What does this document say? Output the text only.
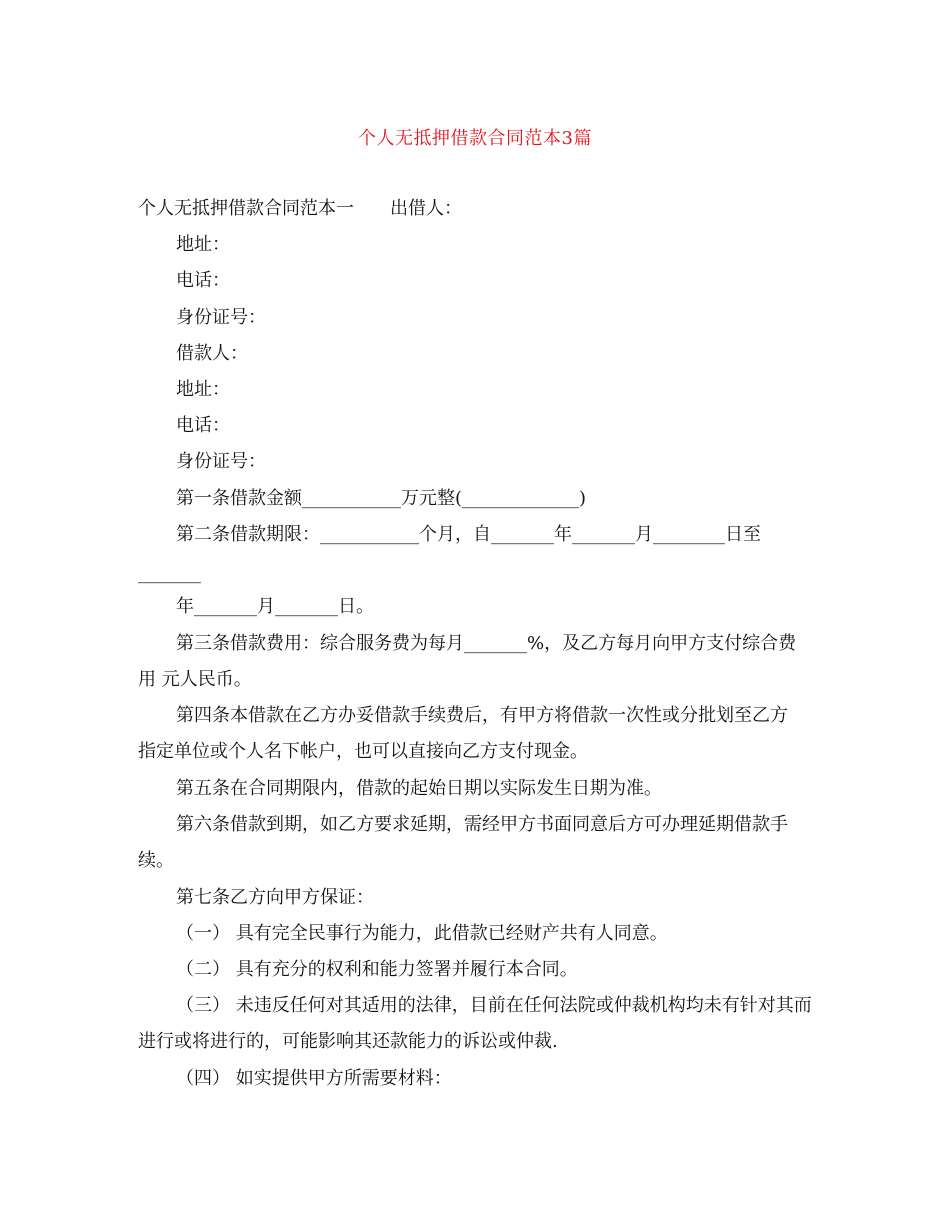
个人无抵押借款合同范本3篇
个人无抵押借款合同范本一 出借人：
地址：
电话：
身份证号：
借款人：
地址：
电话：
身份证号：
第一条借款金额___________万元整(_____________)
第二条借款期限：___________个月，自_______年_______月________日至
_______
年_______月_______日。
第三条借款费用：综合服务费为每月_______%，及乙方每月向甲方支付综合费
用 元人民币。
第四条本借款在乙方办妥借款手续费后，有甲方将借款一次性或分批划至乙方
指定单位或个人名下帐户，也可以直接向乙方支付现金。
第五条在合同期限内，借款的起始日期以实际发生日期为准。
第六条借款到期，如乙方要求延期，需经甲方书面同意后方可办理延期借款手
续。
第七条乙方向甲方保证：
（一） 具有完全民事行为能力，此借款已经财产共有人同意。
（二） 具有充分的权利和能力签署并履行本合同。
（三） 未违反任何对其适用的法律，目前在任何法院或仲裁机构均未有针对其而
进行或将进行的，可能影响其还款能力的诉讼或仲裁.
（四） 如实提供甲方所需要材料：
